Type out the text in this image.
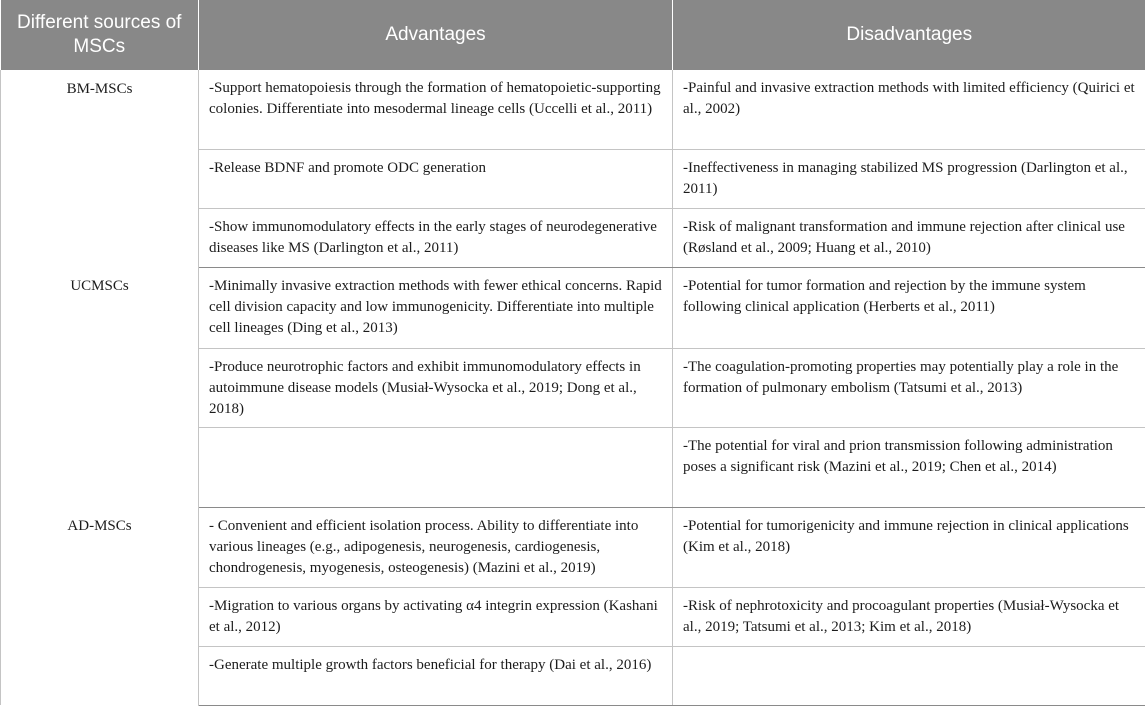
Different sources of MSCs	Advantages	Disadvantages
BM-MSCs	-Support hematopoiesis through the formation of hematopoietic-supporting colonies. Differentiate into mesodermal lineage cells (Uccelli et al., 2011)	-Painful and invasive extraction methods with limited efficiency (Quirici et al., 2002)
	-Release BDNF and promote ODC generation	-Ineffectiveness in managing stabilized MS progression (Darlington et al., 2011)
	-Show immunomodulatory effects in the early stages of neurodegenerative diseases like MS (Darlington et al., 2011)	-Risk of malignant transformation and immune rejection after clinical use (Røsland et al., 2009; Huang et al., 2010)
UCMSCs	-Minimally invasive extraction methods with fewer ethical concerns. Rapid cell division capacity and low immunogenicity. Differentiate into multiple cell lineages (Ding et al., 2013)	-Potential for tumor formation and rejection by the immune system following clinical application (Herberts et al., 2011)
	-Produce neurotrophic factors and exhibit immunomodulatory effects in autoimmune disease models (Musiał-Wysocka et al., 2019; Dong et al., 2018)	-The coagulation-promoting properties may potentially play a role in the formation of pulmonary embolism (Tatsumi et al., 2013)
		-The potential for viral and prion transmission following administration poses a significant risk (Mazini et al., 2019; Chen et al., 2014)
AD-MSCs	- Convenient and efficient isolation process. Ability to differentiate into various lineages (e.g., adipogenesis, neurogenesis, cardiogenesis, chondrogenesis, myogenesis, osteogenesis) (Mazini et al., 2019)	-Potential for tumorigenicity and immune rejection in clinical applications (Kim et al., 2018)
	-Migration to various organs by activating α4 integrin expression (Kashani et al., 2012)	-Risk of nephrotoxicity and procoagulant properties (Musiał-Wysocka et al., 2019; Tatsumi et al., 2013; Kim et al., 2018)
	-Generate multiple growth factors beneficial for therapy (Dai et al., 2016)	
